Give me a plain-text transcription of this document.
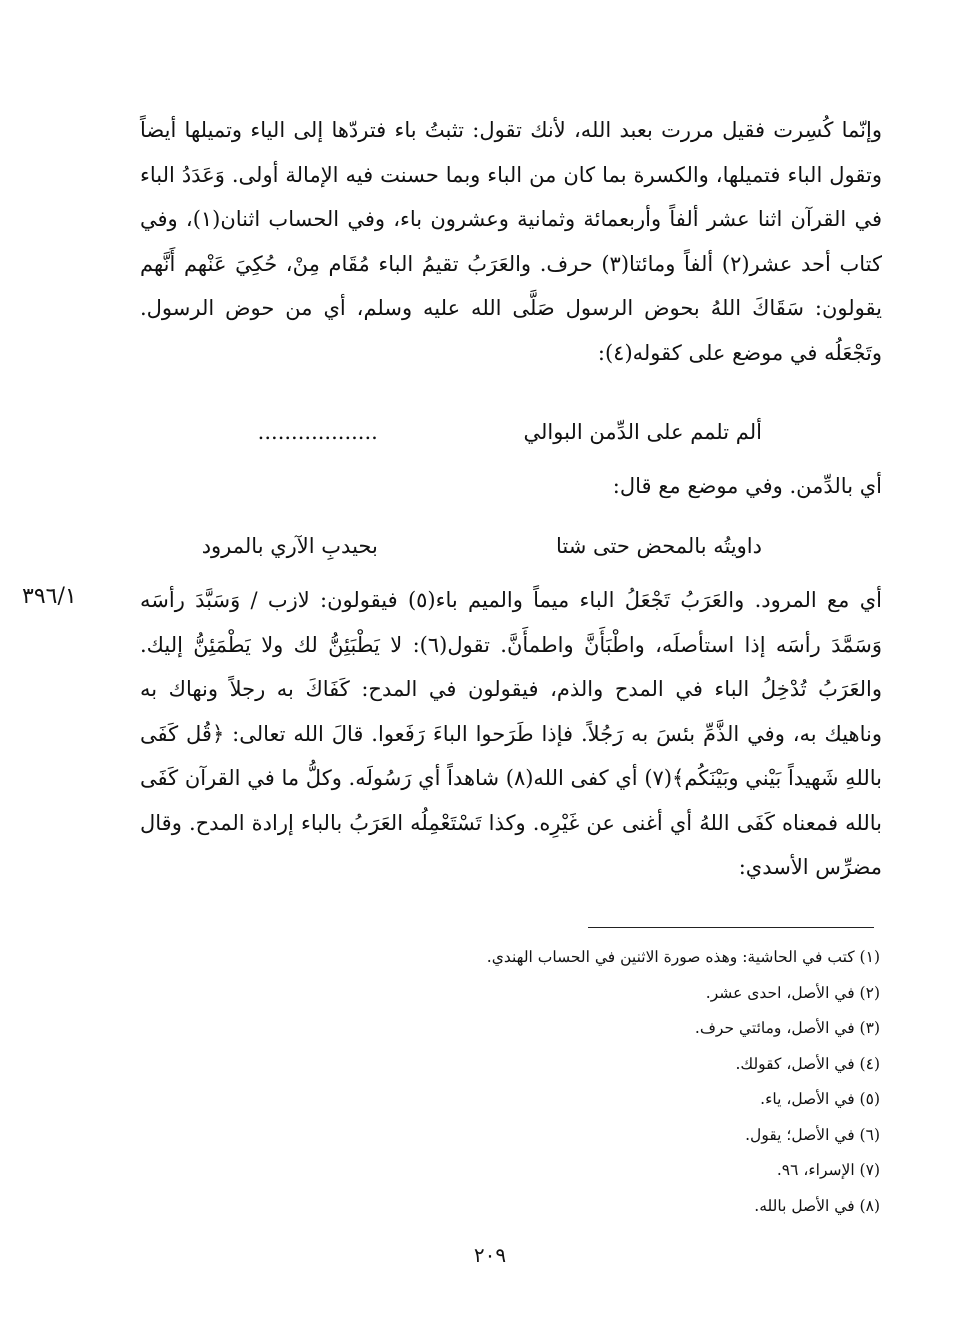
وإنّما كُسِرت فقيل مررت بعبد الله، لأنك تقول: تثبتُ باء فتردّها إلى الياء وتميلها أيضاً وتقول الباء فتميلها، والكسرة بما كان من الباء وبما حسنت فيه الإمالة أولى. وَعَدَدُ الباء في القرآن اثنا عشر ألفاً وأربعمائة وثمانية وعشرون باء، وفي الحساب اثنان(١)، وفي كتاب أحد عشر(٢) ألفاً ومائتا(٣) حرف. والعَرَبُ تقيمُ الباء مُقَام مِنْ، حُكِيَ عَنْهم أَنَّهم يقولون: سَقَاكَ اللهُ بحوض الرسول صَلَّى الله عليه وسلم، أي من حوض الرسول. وتَجْعَلُه في موضع على كقوله(٤):
ألم تلمم على الدِّمن البوالي
..................
أي بالدِّمن. وفي موضع مع قال:
داويتُه بالمحض حتى شتا
بحيدبِ الآري بالمرود
٣٩٦/١	أي مع المرود. والعَرَبُ تَجْعَلُ الباء ميماً والميم باء(٥) فيقولون: لازب / وَسَبَّدَ رأسَه وَسَمَّدَ رأسَه إذا استأصلَه، واطْبَأَنَّ واطمأَنَّ. تقول(٦): لا يَطْبَئِنُّ لك ولا يَطْمَئِنُّ إليك. والعَرَبُ تُدْخِلُ الباء في المدح والذم، فيقولون في المدح: كَفَاكَ به رجلاً ونهاك به وناهيك به، وفي الذَّمِّ بئسَ به رَجُلاً. فإذا طَرَحوا الباءَ رَفَعوا. قالَ الله تعالى: ﴿قُل كَفَى باللهِ شَهيداً بَيْني وبَيْنَكُم﴾(٧) أي كفى الله(٨) شاهداً أي رَسُولَه. وكلُّ ما في القرآن كَفَى بالله فمعناه كَفَى اللهُ أي أغنى عن غَيْرِه. وكذا تَسْتَعْمِلُه العَرَبُ بالباء إرادة المدح. وقال مضرِّس الأسدي:
(١) كتب في الحاشية: وهذه صورة الاثنين في الحساب الهندي.
(٢) في الأصل، احدى عشر.
(٣) في الأصل، ومائتي حرف.
(٤) في الأصل، كقولك.
(٥) في الأصل، ياء.
(٦) في الأصل؛ يقول.
(٧) الإسراء، ٩٦.
(٨) في الأصل بالله.
٢٠٩
